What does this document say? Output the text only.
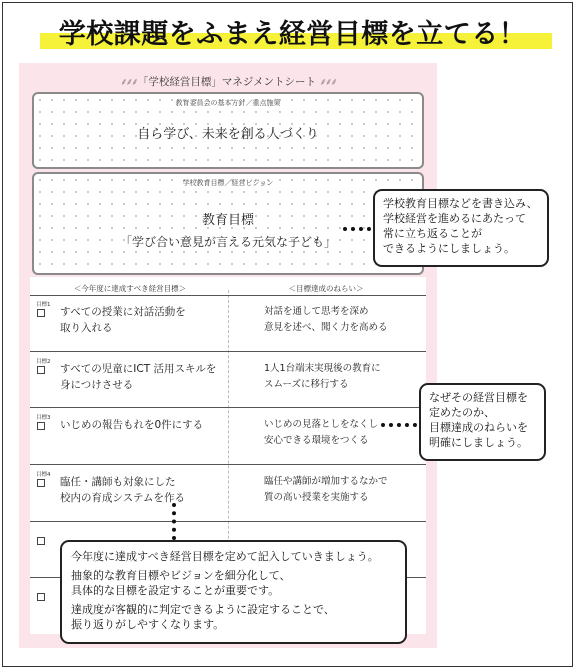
学校課題をふまえ経営目標を立てる！
⸙⸙⸙ 「学校経営目標」マネジメントシート ⸙⸙⸙
教育委員会の基本方針／重点施策
自ら学び、未来を創る人づくり
学校教育目標／経営ビジョン
教育目標
「学び合い意見が言える元気な子ども」
＜今年度に達成すべき経営目標＞	＜目標達成のねらい＞
目標1
すべての授業に対話活動を
取り入れる
対話を通して思考を深め
意見を述べ、聞く力を高める
目標2
すべての児童にICT 活用スキルを
身につけさせる
1人1台端末実現後の教育に
スムーズに移行する
目標3
いじめの報告もれを0件にする	いじめの見落としをなくし
安心できる環境をつくる
目標4
臨任・講師も対象にした
校内の育成システムを作る
臨任や講師が増加するなかで
質の高い授業を実施する
学校教育目標などを書き込み、
学校経営を進めるにあたって
常に立ち返ることが
できるようにしましょう。
なぜその経営目標を
定めたのか、
目標達成のねらいを
明確にしましょう。

今年度に達成すべき経営目標を定めて記入していきましょう。

抽象的な教育目標やビジョンを細分化して、

具体的な目標を設定することが重要です。

達成度が客観的に判定できるように設定することで、
振り返りがしやすくなります。
